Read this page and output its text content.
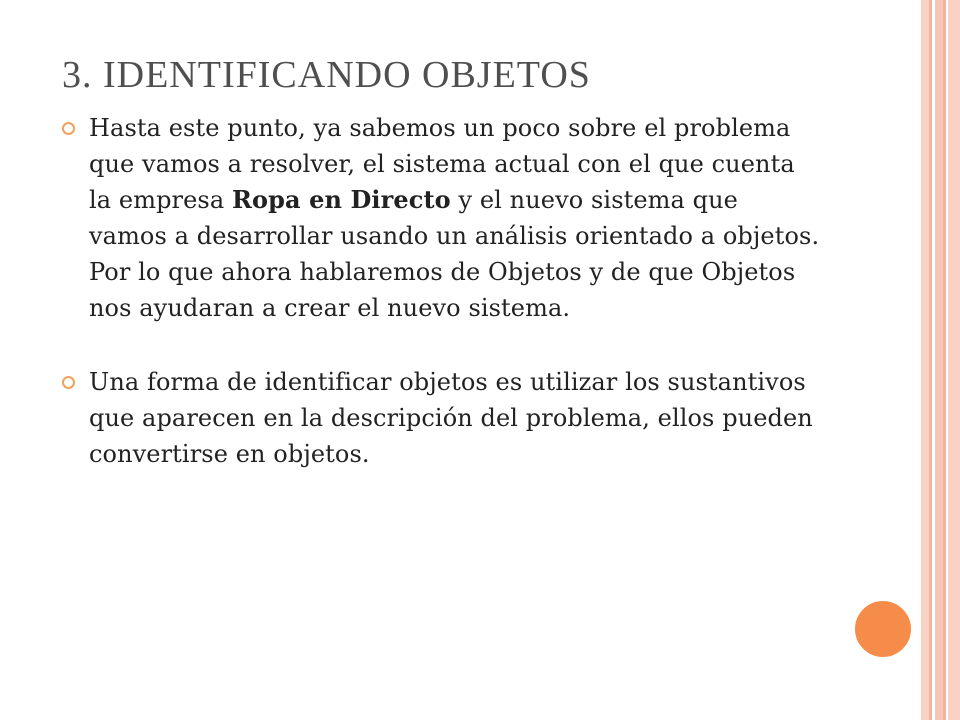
3. IDENTIFICANDO OBJETOS
Hasta este punto, ya sabemos un poco sobre el problema que vamos a resolver, el sistema actual con el que cuenta la empresa Ropa en Directo y el nuevo sistema que vamos a desarrollar usando un análisis orientado a objetos. Por lo que ahora hablaremos de Objetos y de que Objetos nos ayudaran a crear el nuevo sistema.
Una forma de identificar objetos es utilizar los sustantivos que aparecen en la descripción del problema, ellos pueden convertirse en objetos.
